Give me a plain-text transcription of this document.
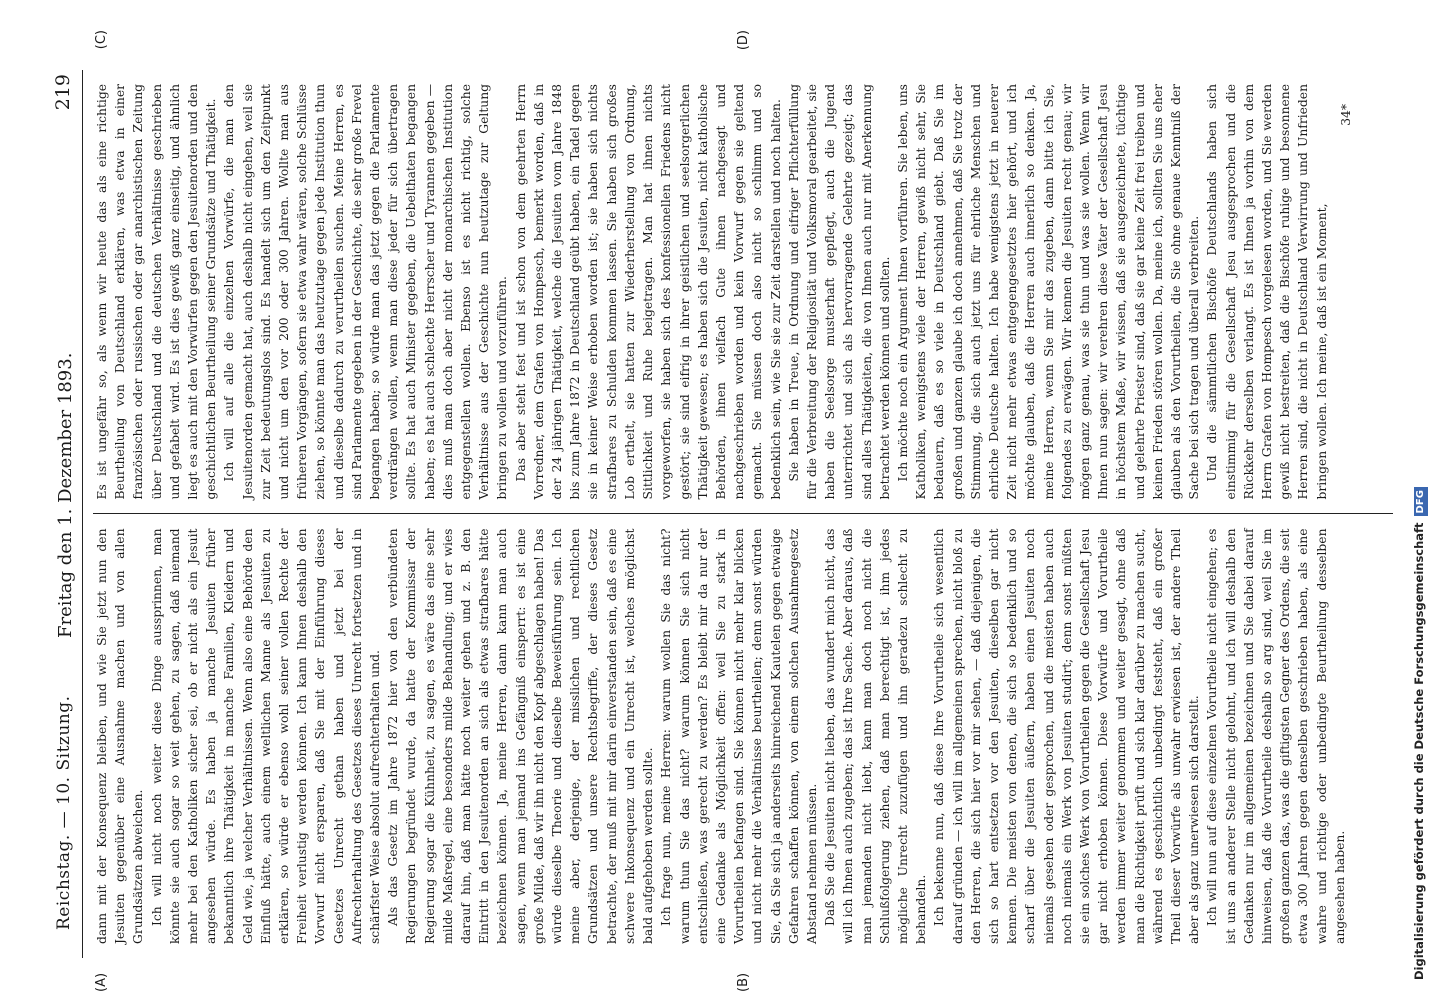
Reichstag. — 10. Sitzung.
Freitag den 1. Dezember 1893.
219
(A)	(B)

dann mit der Konsequenz bleiben, und wie Sie jetzt nun den Jesuiten gegenüber eine Ausnahme machen und von allen Grundsätzen abweichen. Ich will nicht noch weiter diese Dinge aussprinnen, man könnte sie auch sogar so weit gehen, zu sagen, daß niemand mehr bei den Katholiken sicher sei, ob er nicht als ein Jesuit angesehen würde. Es haben ja manche Jesuiten früher bekanntlich ihre Thätigkeit in manche Familien, Kleidern und Geld wie, ja welcher Verhältnissen. Wenn also eine Behörde den Einfluß hätte, auch einem weltlichen Manne als Jesuiten zu erklären, so würde er ebenso wohl seiner vollen Rechte der Freiheit verlustig werden können. Ich kann Ihnen deshalb den Vorwurf nicht ersparen, daß Sie mit der Einführung dieses Gesetzes Unrecht gethan haben und jetzt bei der Aufrechterhaltung des Gesetzes dieses Unrecht fortsetzen und in schärfster Weise absolut aufrechterhalten und. Als das Gesetz im Jahre 1872 hier von den verbündeten Regierungen begründet wurde, da hatte der Kommissar der Regierung sogar die Kühnheit, zu sagen, es wäre das eine sehr milde Maßregel, eine besonders milde Behandlung; und er wies darauf hin, daß man hätte noch weiter gehen und z. B. den Eintritt in den Jesuitenorden an sich als etwas strafbares hätte bezeichnen können. Ja, meine Herren, dann kann man auch sagen, wenn man jemand ins Gefängniß einsperrt: es ist eine große Milde, daß wir ihn nicht den Kopf abgeschlagen haben! Das würde dieselbe Theorie und dieselbe Beweisführung sein. Ich meine aber, derjenige, der misslichen und rechtlichen Grundsätzen und unsere Rechtsbegriffe, der dieses Gesetz betrachte, der muß mit mir darin einverstanden sein, daß es eine schwere Inkonsequenz und ein Unrecht ist, welches möglichst bald aufgehoben werden sollte. Ich frage nun, meine Herren: warum wollen Sie das nicht? warum thun Sie das nicht? warum können Sie sich nicht entschließen, was gerecht zu werden? Es bleibt mir da nur der eine Gedanke als Möglichkeit offen: weil Sie zu stark in Vorurtheilen befangen sind. Sie können nicht mehr klar blicken und nicht mehr die Verhältnisse beurtheilen; denn sonst würden Sie, da Sie sich ja anderseits hinreichend Kautelen gegen etwaige Gefahren schaffen können, von einem solchen Ausnahmegesetz Abstand nehmen müssen. Daß Sie die Jesuiten nicht lieben, das wundert mich nicht, das will ich Ihnen auch zugeben; das ist Ihre Sache. Aber daraus, daß man jemanden nicht liebt, kann man doch noch nicht die Schlußfolgerung ziehen, daß man berechtigt ist, ihm jedes mögliche Unrecht zuzufügen und ihn geradezu schlecht zu behandeln. Ich bekenne nun, daß diese Ihre Vorurtheile sich wesentlich darauf gründen — ich will im allgemeinen sprechen, nicht bloß zu den Herren, die sich hier vor mir sehen, — daß diejenigen, die sich so hart entsetzen vor den Jesuiten, dieselben gar nicht kennen. Die meisten von denen, die sich so bedenklich und so scharf über die Jesuiten äußern, haben einen Jesuiten noch niemals gesehen oder gesprochen, und die meisten haben auch noch niemals ein Werk von Jesuiten studirt; denn sonst müßten sie ein solches Werk von Vorurtheilen gegen die Gesellschaft Jesu gar nicht erhoben können. Diese Vorwürfe und Vorurtheile werden immer weiter genommen und weiter gesagt, ohne daß man die Richtigkeit prüft und sich klar darüber zu machen sucht, während es geschichtlich unbedingt feststeht, daß ein großer Theil dieser Vorwürfe als unwahr erwiesen ist, der andere Theil aber als ganz unerwiesen sich darstellt. Ich will nun auf diese einzelnen Vorurtheile nicht eingehen; es ist uns an anderer Stelle nicht gelohnt, und ich will deshalb den Gedanken nur im allgemeinen bezeichnen und Sie dabei darauf hinweisen, daß die Vorurtheile deshalb so arg sind, weil Sie im großen ganzen das, was die giftigsten Gegner des Ordens, die seit etwa 300 Jahren gegen denselben geschrieben haben, als eine wahre und richtige oder unbedingte Beurtheilung desselben angesehen haben.

(C)	(D)

Es ist ungefähr so, als wenn wir heute das als eine richtige Beurtheilung von Deutschland erklären, was etwa in einer französischen oder russischen oder gar anarchistischen Zeitung über Deutschland und die deutschen Verhältnisse geschrieben und gefabelt wird. Es ist dies gewiß ganz einseitig, und ähnlich liegt es auch mit den Vorwürfen gegen den Jesuitenorden und den geschichtlichen Beurtheilung seiner Grundsätze und Thätigkeit. Ich will auf alle die einzelnen Vorwürfe, die man den Jesuitenorden gemacht hat, auch deshalb nicht eingehen, weil sie zur Zeit bedeutungslos sind. Es handelt sich um den Zeitpunkt und nicht um den vor 200 oder 300 Jahren. Wollte man aus früheren Vorgängen, sofern sie etwa wahr wären, solche Schlüsse ziehen, so könnte man das heutzutage gegen jede Institution thun und dieselbe dadurch zu verurtheilen suchen. Meine Herren, es sind Parlamente gegeben in der Geschichte, die sehr große Frevel begangen haben; so würde man das jetzt gegen die Parlamente verdrängen wollen, wenn man diese jeder für sich übertragen sollte. Es hat auch Minister gegeben, die Uebelthaten begangen haben; es hat auch schlechte Herrscher und Tyrannen gegeben — dies muß man doch aber nicht der monarchischen Institution entgegenstellen wollen. Ebenso ist es nicht richtig, solche Verhältnisse aus der Geschichte nun heutzutage zur Geltung bringen zu wollen und vorzuführen. Das aber steht fest und ist schon von dem geehrten Herrn Vorredner, dem Grafen von Hompesch, bemerkt worden, daß in der 24 jährigen Thätigkeit, welche die Jesuiten vom Jahre 1848 bis zum Jahre 1872 in Deutschland geübt haben, ein Tadel gegen sie in keiner Weise erhoben worden ist; sie haben sich nichts strafbares zu Schulden kommen lassen. Sie haben sich großes Lob erthelt, sie hatten zur Wiederherstellung von Ordnung, Sittlichkeit und Ruhe beigetragen. Man hat ihnen nichts vorgeworfen, sie haben sich des konfessionellen Friedens nicht gestört; sie sind eifrig in ihrer geistlichen und seelsorgerlichen Thätigkeit gewesen; es haben sich die Jesuiten, nicht katholische Behörden, ihnen vielfach Gute ihnen nachgesagt und nachgeschrieben worden und kein Vorwurf gegen sie geltend gemacht. Sie müssen doch also nicht so schlimm und so bedenklich sein, wie Sie sie zur Zeit darstellen und noch halten. Sie haben in Treue, in Ordnung und eifriger Pflichterfüllung für die Verbreitung der Religiosität und Volksmoral gearbeitet, sie haben die Seelsorge musterhaft gepflegt, auch die Jugend unterrichtet und sich als hervorragende Gelehrte gezeigt; das sind alles Thätigkeiten, die von Ihnen auch nur mit Anerkennung betrachtet werden können und sollten. Ich möchte noch ein Argument Ihnen vorführen. Sie leben, uns Katholiken, wenigstens viele der Herren, gewiß nicht sehr, Sie bedauern, daß es so viele in Deutschland giebt. Daß Sie im großen und ganzen glaube ich doch annehmen, daß Sie trotz der Stimmung, die sich auch jetzt uns für ehrliche Menschen und ehrliche Deutsche halten. Ich habe wenigstens jetzt in neuerer Zeit nicht mehr etwas entgegengesetztes hier gehört, und ich möchte glauben, daß die Herren auch innerlich so denken. Ja, meine Herren, wenn Sie mir das zugeben, dann bitte ich Sie, folgendes zu erwägen. Wir kennen die Jesuiten recht genau; wir mögen ganz genau, was sie thun und was sie wollen. Wenn wir Ihnen nun sagen: wir verehren diese Väter der Gesellschaft Jesu in höchstem Maße, wir wissen, daß sie ausgezeichnete, tüchtige und gelehrte Priester sind, daß sie gar keine Zeit frei treiben und keinen Frieden stören wollen. Da, meine ich, sollten Sie uns eher glauben als den Vorurtheilen, die Sie ohne genaue Kenntniß der Sache bei sich tragen und überall verbreiten. Und die sämmtlichen Bischöfe Deutschlands haben sich einstimmig für die Gesellschaft Jesu ausgesprochen und die Rückkehr derselben verlangt. Es ist Ihnen ja vorhin von dem Herrn Grafen von Hompesch vorgelesen worden, und Sie werden gewiß nicht bestreiten, daß die Bischöfe ruhige und besonnene Herren sind, die nicht in Deutschland Verwirrung und Unfrieden bringen wollen. Ich meine, daß ist ein Moment,

34*
Digitalisierung gefördert durch die Deutsche ForschungsgemeinschaftDFG
